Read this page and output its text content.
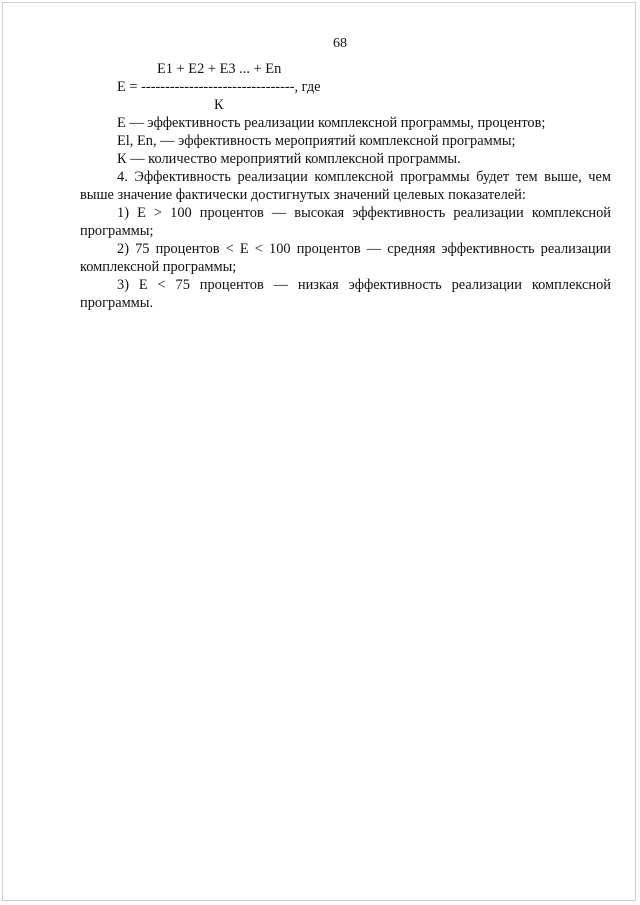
68
E1 + E2 + E3 ... + En
E = --------------------------------, где
К
Е — эффективность реализации комплексной программы, процентов;
El, En, — эффективность мероприятий комплексной программы;
К — количество мероприятий комплексной программы.
4. Эффективность реализации комплексной программы будет тем выше, чем
выше значение фактически достигнутых значений целевых показателей:
1) Е > 100 процентов — высокая эффективность реализации комплексной
программы;
2) 75 процентов < Е < 100 процентов — средняя эффективность реализации
комплексной программы;
3) Е < 75 процентов — низкая эффективность реализации комплексной
программы.
